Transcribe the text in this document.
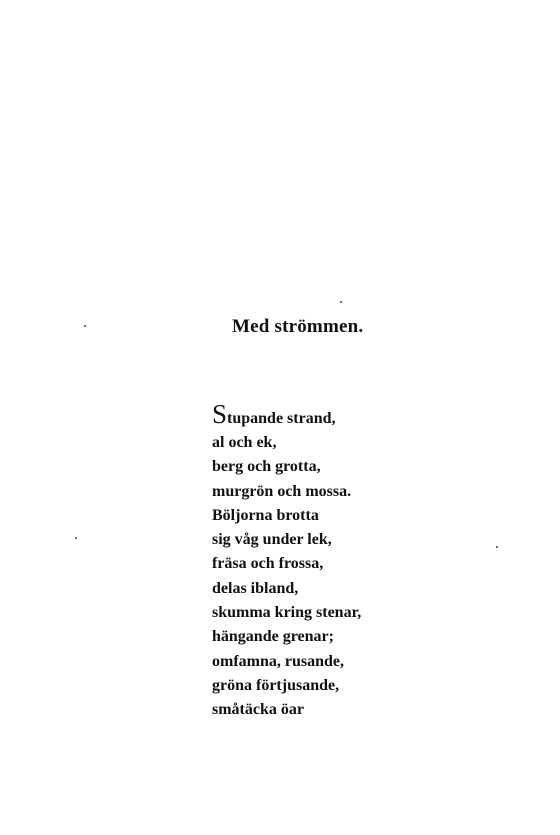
Med strömmen.
Stupande strand,
al och ek,
berg och grotta,
murgrön och mossa.
Böljorna brotta
sig våg under lek,
fräsa och frossa,
delas ibland,
skumma kring stenar,
hängande grenar;
omfamna, rusande,
gröna förtjusande,
småtäcka öar
